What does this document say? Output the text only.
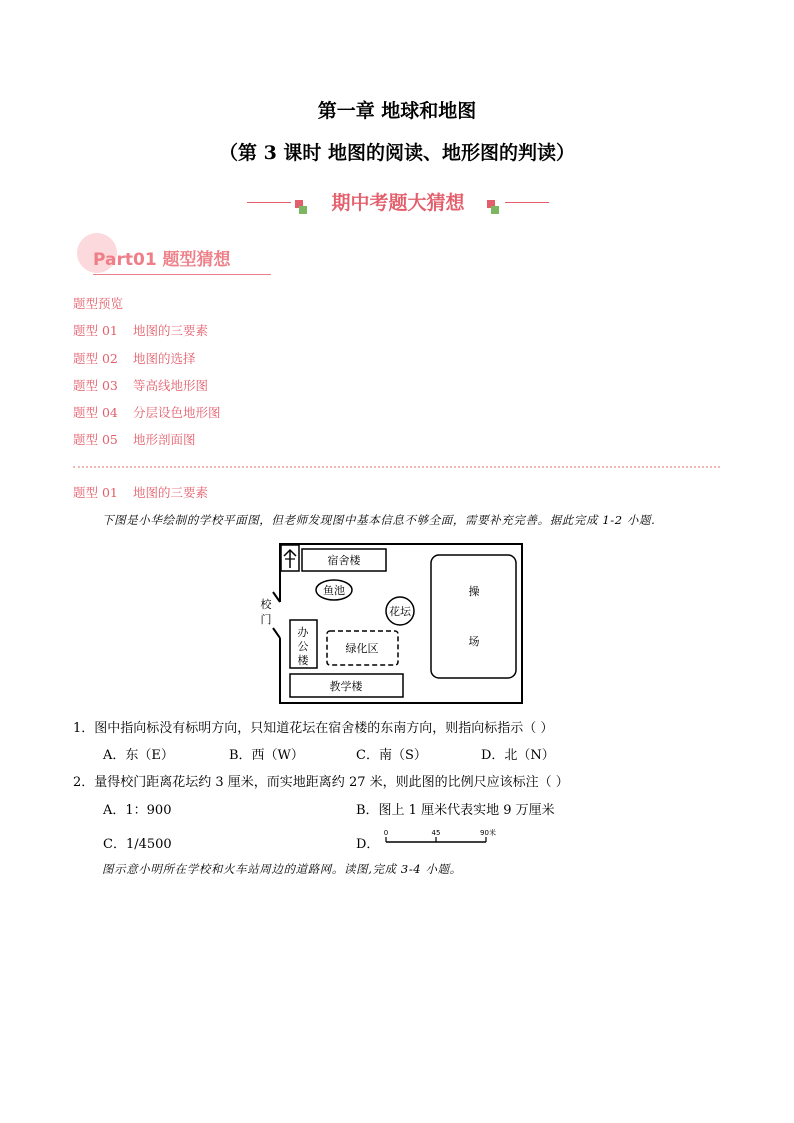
第一章 地球和地图
（第 3 课时 地图的阅读、地形图的判读）
期中考题大猜想
Part01 题型猜想
题型预览
题型 01 地图的三要素
题型 02 地图的选择
题型 03 等高线地形图
题型 04 分层设色地形图
题型 05 地形剖面图
题型 01 地图的三要素
下图是小华绘制的学校平面图，但老师发现图中基本信息不够全面，需要补充完善。据此完成 1-2 小题.
宿舍楼
鱼池
花坛
校
门
办
公
楼
绿化区
教学楼
操
场
1．图中指向标没有标明方向，只知道花坛在宿舍楼的东南方向，则指向标指示（ ）
A．东（E）	B．西（W）	C．南（S）	D．北（N）
2．量得校门距离花坛约 3 厘米，而实地距离约 27 米，则此图的比例尺应该标注（ ）
A．1：900	B．图上 1 厘米代表实地 9 万厘米
C．1/4500	D．
0	45	90米
图示意小明所在学校和火车站周边的道路网。读图,完成 3-4 小题。
